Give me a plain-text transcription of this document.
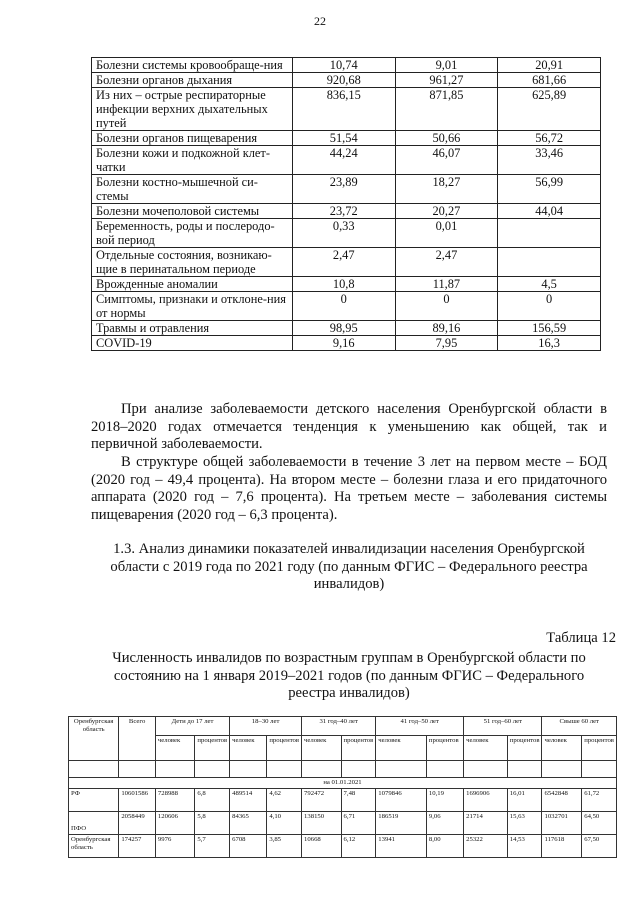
22
Болезни системы кровообраще-ния	10,74	9,01	20,91
Болезни органов дыхания	920,68	961,27	681,66
Из них – острые респираторные инфекции верхних дыхательных путей	836,15	871,85	625,89
Болезни органов пищеварения	51,54	50,66	56,72
Болезни кожи и подкожной клет-чатки	44,24	46,07	33,46
Болезни костно-мышечной си-стемы	23,89	18,27	56,99
Болезни мочеполовой системы	23,72	20,27	44,04
Беременность, роды и послеродо-вой период	0,33	0,01	
Отдельные состояния, возникаю-щие в перинатальном периоде	2,47	2,47	
Врожденные аномалии	10,8	11,87	4,5
Симптомы, признаки и отклоне-ния от нормы	0	0	0
Травмы и отравления	98,95	89,16	156,59
COVID-19	9,16	7,95	16,3

При анализе заболеваемости детского населения Оренбургской области в 2018–2020 годах отмечается тенденция к уменьшению как общей, так и первичной заболеваемости.

В структуре общей заболеваемости в течение 3 лет на первом месте – БОД (2020 год – 49,4 процента). На втором месте – болезни глаза и его придаточного аппарата (2020 год – 7,6 процента). На третьем месте – заболевания системы пищеварения (2020 год – 6,3 процента).

1.3. Анализ динамики показателей инвалидизации населения Оренбургской области с 2019 года по 2021 году (по данным ФГИС – Федерального реестра инвалидов)

Таблица 12

Численность инвалидов по возрастным группам в Оренбургской области по состоянию на 1 января 2019–2021 годов (по данным ФГИС – Федерального реестра инвалидов)

Оренбургская область	Всего	Дети до 17 лет		18–30 лет		31 год–40 лет		41 год–50 лет		51 год–60 лет		Свыше 60 лет	
		человек	процентов	человек	процентов	человек	процентов	человек	процентов	человек	процентов	человек	процентов

на 01.01.2021													
РФ	10601586	728988	6,8	489514	4,62	792472	7,48	1079846	10,19	1696906	16,01	6542848	61,72
ПФО	2058449	120606	5,8	84365	4,10	138150	6,71	186519	9,06	21714	15,63	1032701	64,50
Оренбургская область	174257	9976	5,7	6708	3,85	10668	6,12	13941	8,00	25322	14,53	117618	67,50
